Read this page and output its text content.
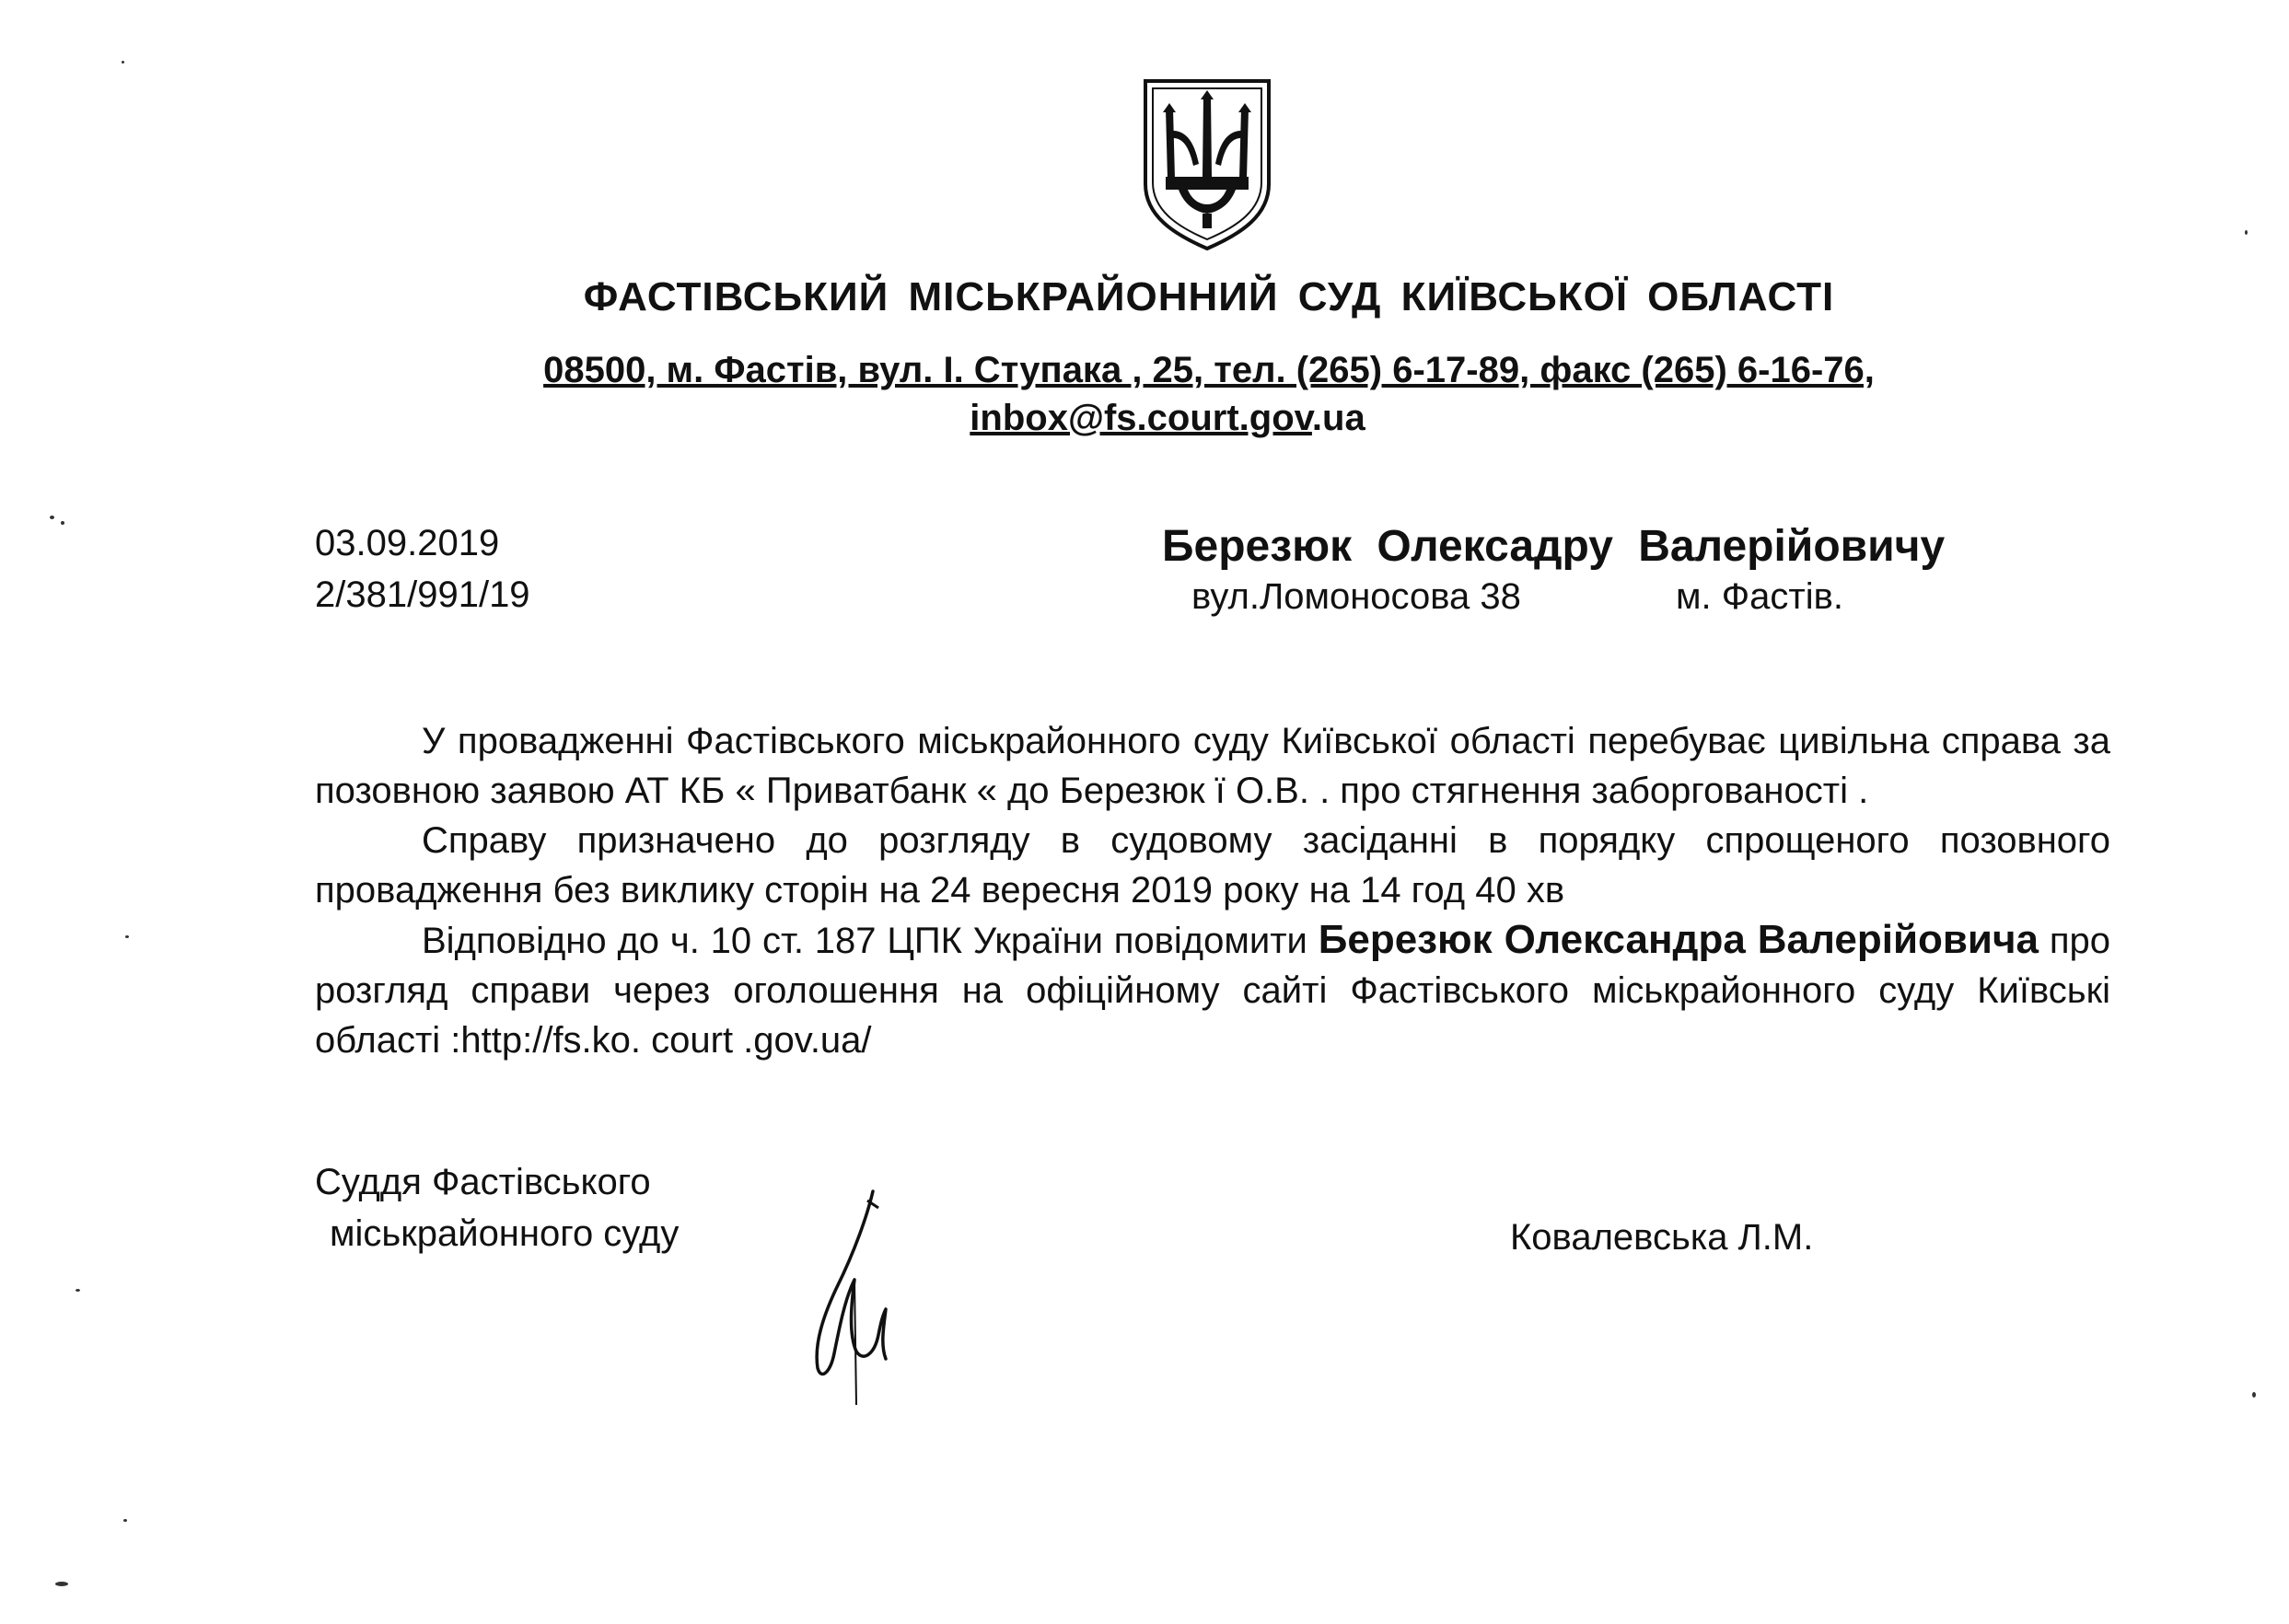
ФАСТІВСЬКИЙ МІСЬКРАЙОННИЙ СУД КИЇВСЬКОЇ ОБЛАСТІ
08500, м. Фастів, вул. І. Ступака , 25, тел. (265) 6-17-89, факс (265) 6-16-76,
inbox@fs.court.gov.ua
03.09.2019
2/381/991/19
Березюк Олексадру Валерійовичу
вул.Ломоносова 38	м. Фастів.

У провадженні Фастівського міськрайонного суду Київської області перебуває цивільна справа за позовною заявою АТ КБ « Приватбанк « до Березюк ї О.В. . про стягнення заборгованості .

Справу призначено до розгляду в судовому засіданні в порядку спрощеного позовного провадження без виклику сторін на 24 вересня 2019 року на 14 год 40 хв

Відповідно до ч. 10 ст. 187 ЦПК України повідомити Березюк Олександра Валерійовича про розгляд справи через оголошення на офіційному сайті Фастівського міськрайонного суду Київські області :http://fs.ko. court .gov.ua/

Суддя Фастівського
міськрайонного суду	Ковалевська Л.М.
